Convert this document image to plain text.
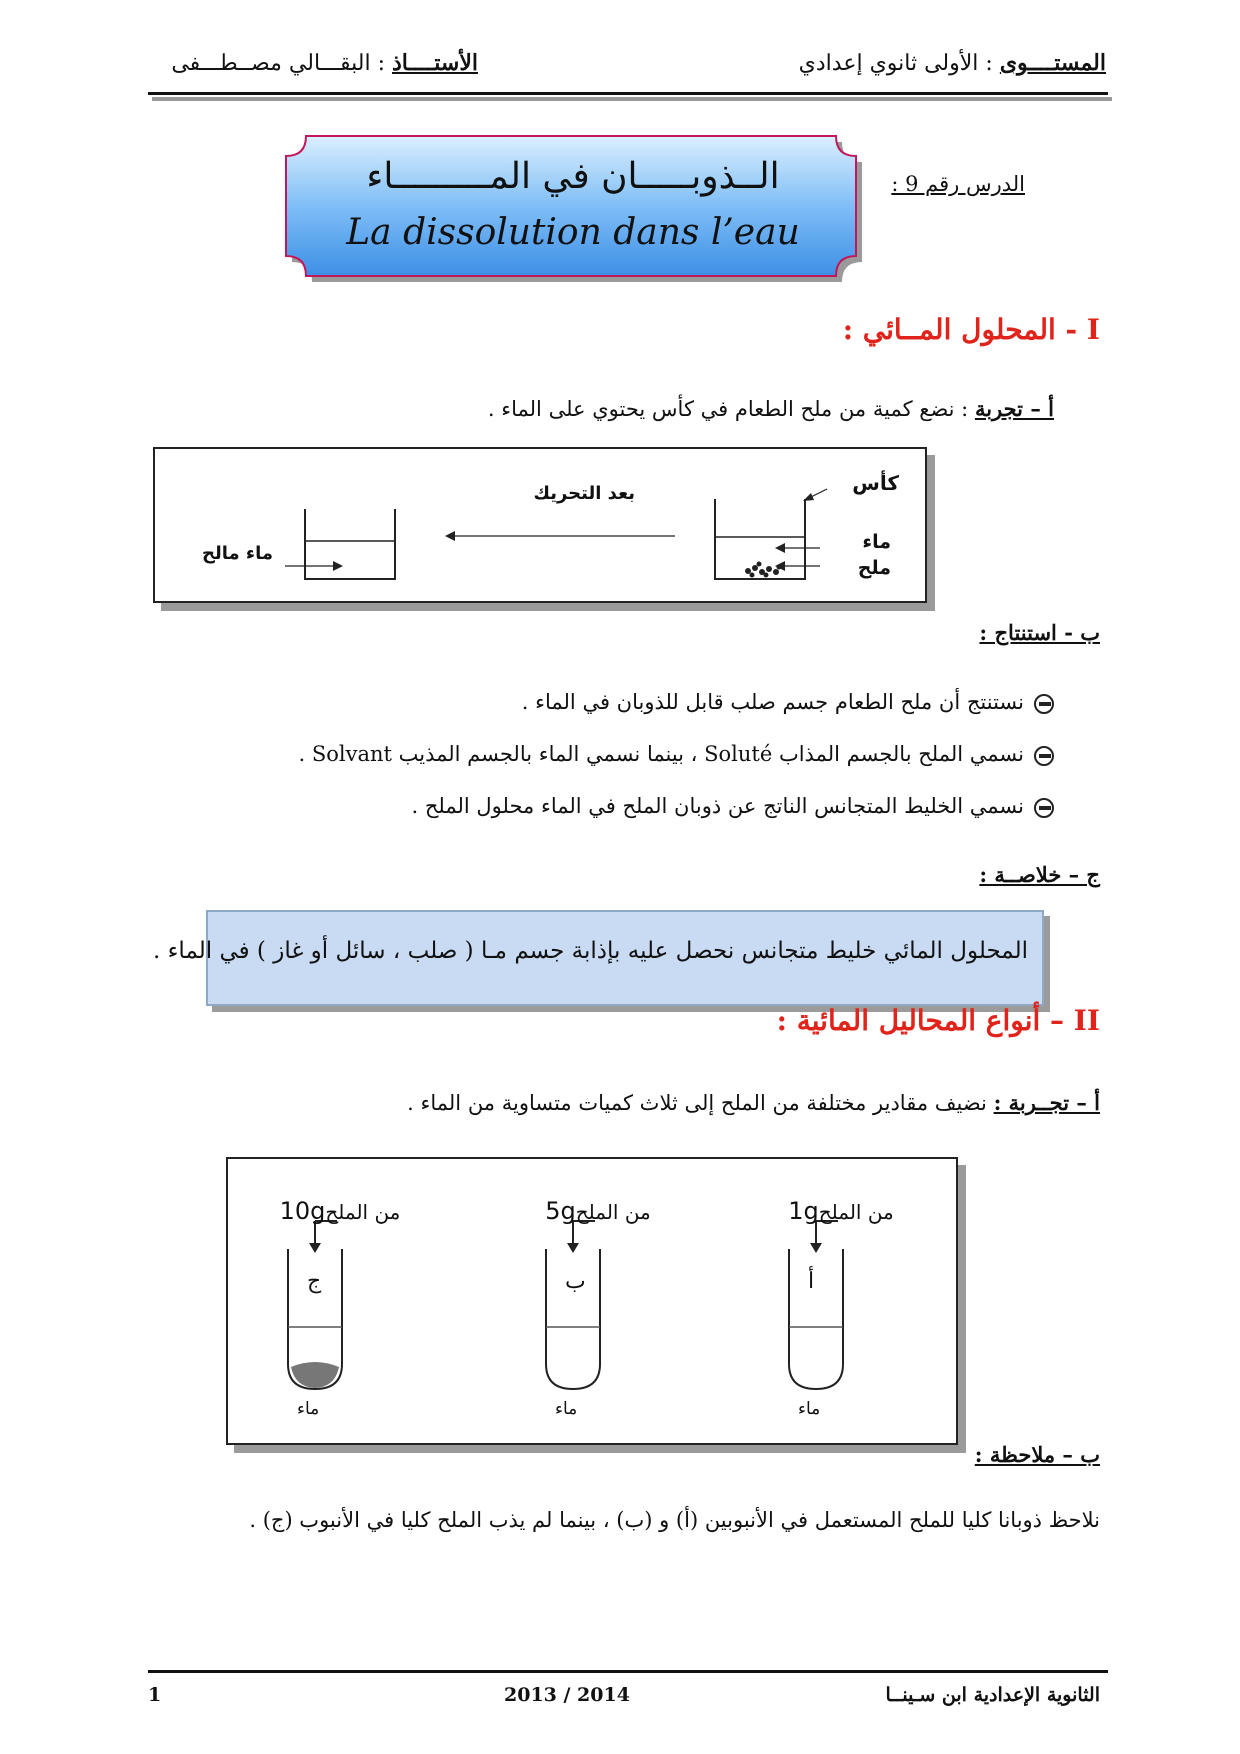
المستــــوى : الأولى ثانوي إعدادي
الأستــــاذ : البقـــالي مصــطـــفى
الــذوبـــــان في المـــــــــاء
La dissolution dans l’eau
الدرس رقم 9 :
I - المحلول المــائي :
أ – تجربة : نضع كمية من ملح الطعام في كأس يحتوي على الماء .
كأس
ماء
ملح
بعد التحريك
ماء مالح
ب - استنتاج :
نستنتج أن ملح الطعام جسم صلب قابل للذوبان في الماء .
نسمي الملح بالجسم المذاب Soluté ، بينما نسمي الماء بالجسم المذيب Solvant .
نسمي الخليط المتجانس الناتج عن ذوبان الملح في الماء محلول الملح .
ج – خلاصــة :
المحلول المائي خليط متجانس نحصل عليه بإذابة جسم مـا ( صلب ، سائل أو غاز ) في الماء .
II – أنواع المحاليل المائية :
أ – تجــربة : نضيف مقادير مختلفة من الملح إلى ثلاث كميات متساوية من الماء .
من الملح1g
أ
ماء
من الملح5g
ب
ماء
من الملح10g
ج
ماء
ب – ملاحظة :
نلاحظ ذوبانا كليا للملح المستعمل في الأنبوبين (أ) و (ب) ، بينما لم يذب الملح كليا في الأنبوب (ج) .
الثانوية الإعدادية ابن سـينــا
2013 / 2014
1
